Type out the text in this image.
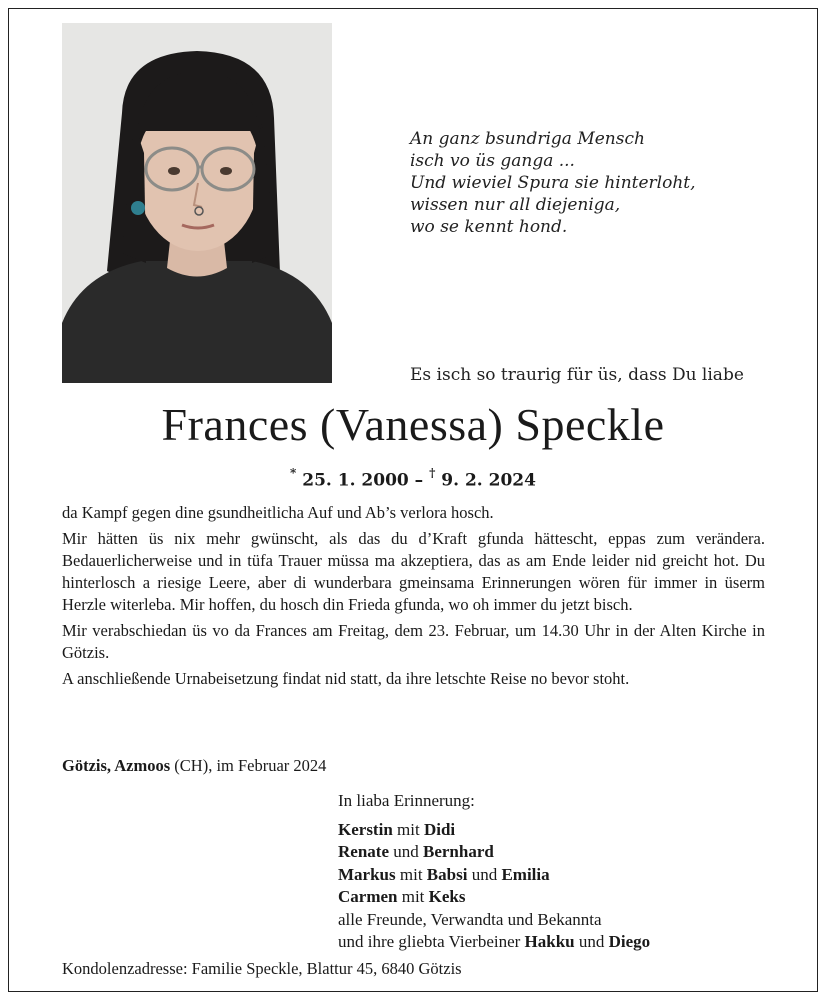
An ganz bsundriga Mensch
isch vo üs ganga ...
Und wieviel Spura sie hinterloht,
wissen nur all diejeniga,
wo se kennt hond.
Es isch so traurig für üs, dass Du liabe
Frances (Vanessa) Speckle
* 25. 1. 2000 – † 9. 2. 2024

da Kampf gegen dine gsundheitlicha Auf und Ab’s verlora hosch.

Mir hätten üs nix mehr gwünscht, als das du d’Kraft gfunda hättescht, eppas zum verändera. Bedauerlicherweise und in tüfa Trauer müssa ma akzeptiera, das as am Ende leider nid greicht hot. Du hinterlosch a riesige Leere, aber di wunderbara gmeinsama Erinnerungen wören für immer in üserm Herzle witerleba. Mir hoffen, du hosch din Frieda gfunda, wo oh immer du jetzt bisch.

Mir verabschiedan üs vo da Frances am Freitag, dem 23. Februar, um 14.30 Uhr in der Alten Kirche in Götzis.

A anschließende Urnabeisetzung findat nid statt, da ihre letschte Reise no bevor stoht.

Götzis, Azmoos (CH), im Februar 2024
In liaba Erinnerung:
Kerstin mit Didi
Renate und Bernhard
Markus mit Babsi und Emilia
Carmen mit Keks
alle Freunde, Verwandta und Bekannta
und ihre gliebta Vierbeiner Hakku und Diego
Kondolenzadresse: Familie Speckle, Blattur 45, 6840 Götzis
